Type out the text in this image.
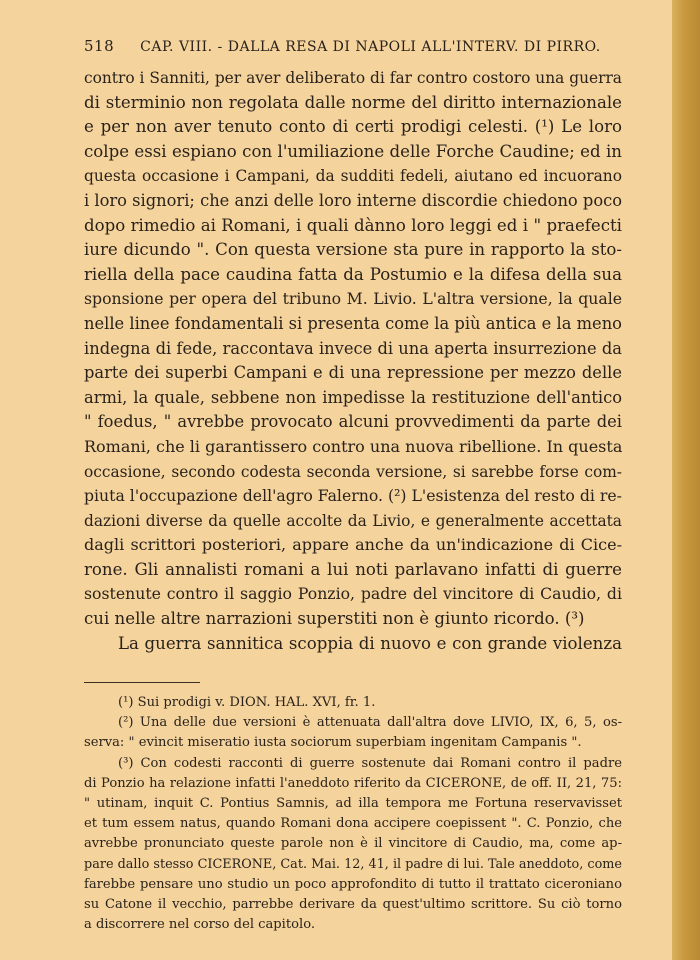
518 CAP. VIII. - DALLA RESA DI NAPOLI ALL'INTERV. DI PIRRO.
contro i Sanniti, per aver deliberato di far contro costoro una guerra
di sterminio non regolata dalle norme del diritto internazionale
e per non aver tenuto conto di certi prodigi celesti. (¹) Le loro
colpe essi espiano con l'umiliazione delle Forche Caudine; ed in
questa occasione i Campani, da sudditi fedeli, aiutano ed incuorano
i loro signori; che anzi delle loro interne discordie chiedono poco
dopo rimedio ai Romani, i quali dànno loro leggi ed i " praefecti
iure dicundo ". Con questa versione sta pure in rapporto la sto-
riella della pace caudina fatta da Postumio e la difesa della sua
sponsione per opera del tribuno M. Livio. L'altra versione, la quale
nelle linee fondamentali si presenta come la più antica e la meno
indegna di fede, raccontava invece di una aperta insurrezione da
parte dei superbi Campani e di una repressione per mezzo delle
armi, la quale, sebbene non impedisse la restituzione dell'antico
" foedus, " avrebbe provocato alcuni provvedimenti da parte dei
Romani, che li garantissero contro una nuova ribellione. In questa
occasione, secondo codesta seconda versione, si sarebbe forse com-
piuta l'occupazione dell'agro Falerno. (²) L'esistenza del resto di re-
dazioni diverse da quelle accolte da Livio, e generalmente accettata
dagli scrittori posteriori, appare anche da un'indicazione di Cice-
rone. Gli annalisti romani a lui noti parlavano infatti di guerre
sostenute contro il saggio Ponzio, padre del vincitore di Caudio, di
cui nelle altre narrazioni superstiti non è giunto ricordo. (³)
La guerra sannitica scoppia di nuovo e con grande violenza
(¹) Sui prodigi v. DION. HAL. XVI, fr. 1.
(²) Una delle due versioni è attenuata dall'altra dove LIVIO, IX, 6, 5, os-
serva: " evincit miseratio iusta sociorum superbiam ingenitam Campanis ".
(³) Con codesti racconti di guerre sostenute dai Romani contro il padre
di Ponzio ha relazione infatti l'aneddoto riferito da CICERONE, de off. II, 21, 75:
" utinam, inquit C. Pontius Samnis, ad illa tempora me Fortuna reservavisset
et tum essem natus, quando Romani dona accipere coepissent ". C. Ponzio, che
avrebbe pronunciato queste parole non è il vincitore di Caudio, ma, come ap-
pare dallo stesso CICERONE, Cat. Mai. 12, 41, il padre di lui. Tale aneddoto, come
farebbe pensare uno studio un poco approfondito di tutto il trattato ciceroniano
su Catone il vecchio, parrebbe derivare da quest'ultimo scrittore. Su ciò torno
a discorrere nel corso del capitolo.
